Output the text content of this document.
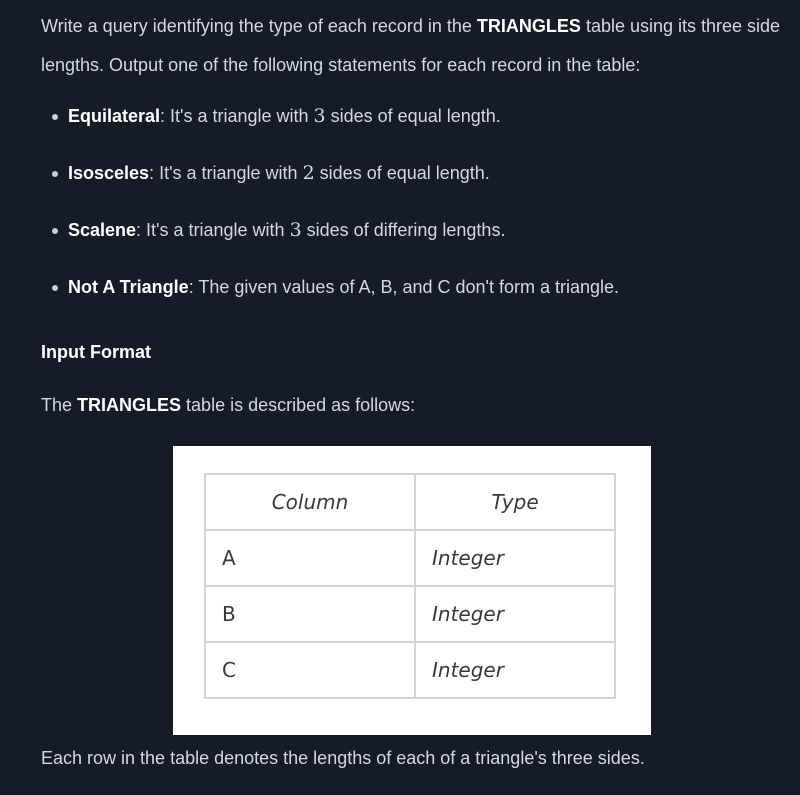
Write a query identifying the type of each record in the TRIANGLES table using its three side lengths. Output one of the following statements for each record in the table:

Equilateral: It's a triangle with 3 sides of equal length.
Isosceles: It's a triangle with 2 sides of equal length.
Scalene: It's a triangle with 3 sides of differing lengths.
Not A Triangle: The given values of A, B, and C don't form a triangle.
Input Format

The TRIANGLES table is described as follows:

Each row in the table denotes the lengths of each of a triangle's three sides.

Column	Type
A	Integer
B	Integer
C	Integer
